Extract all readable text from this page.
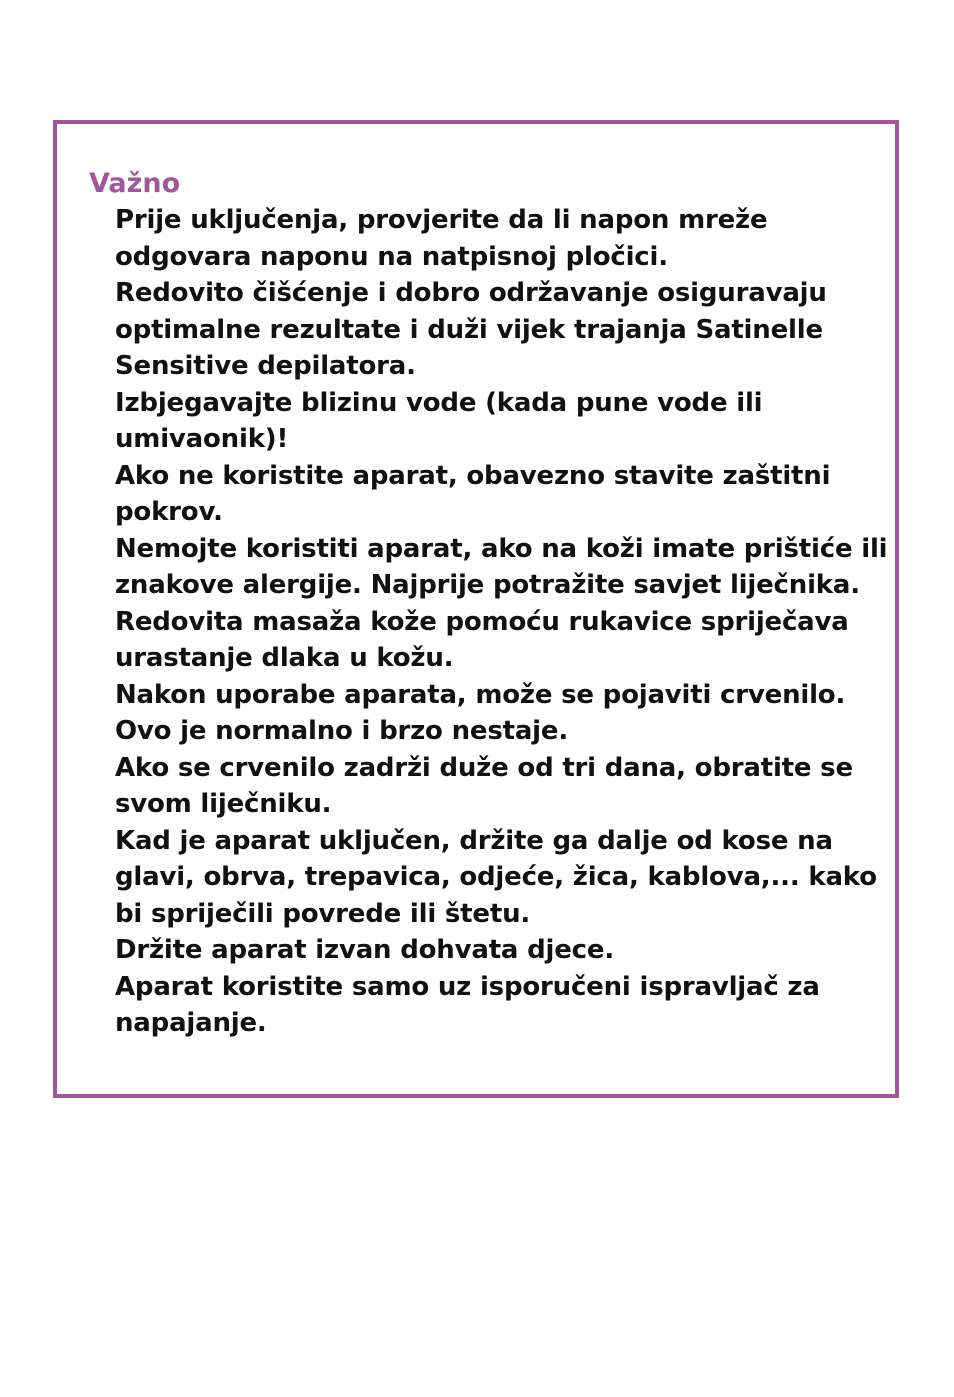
Važno
Prije uključenja, provjerite da li napon mreže odgovara naponu na natpisnoj pločici.
Redovito čišćenje i dobro održavanje osiguravaju optimalne rezultate i duži vijek trajanja Satinelle Sensitive depilatora.
Izbjegavajte blizinu vode (kada pune vode ili umivaonik)!
Ako ne koristite aparat, obavezno stavite zaštitni pokrov.
Nemojte koristiti aparat, ako na koži imate prištiće ili znakove alergije. Najprije potražite savjet liječnika.
Redovita masaža kože pomoću rukavice spriječava urastanje dlaka u kožu.
Nakon uporabe aparata, može se pojaviti crvenilo. Ovo je normalno i brzo nestaje.
Ako se crvenilo zadrži duže od tri dana, obratite se svom liječniku.
Kad je aparat uključen, držite ga dalje od kose na glavi, obrva, trepavica, odjeće, žica, kablova,... kako bi spriječili povrede ili štetu.
Držite aparat izvan dohvata djece.
Aparat koristite samo uz isporučeni ispravljač za napajanje.
